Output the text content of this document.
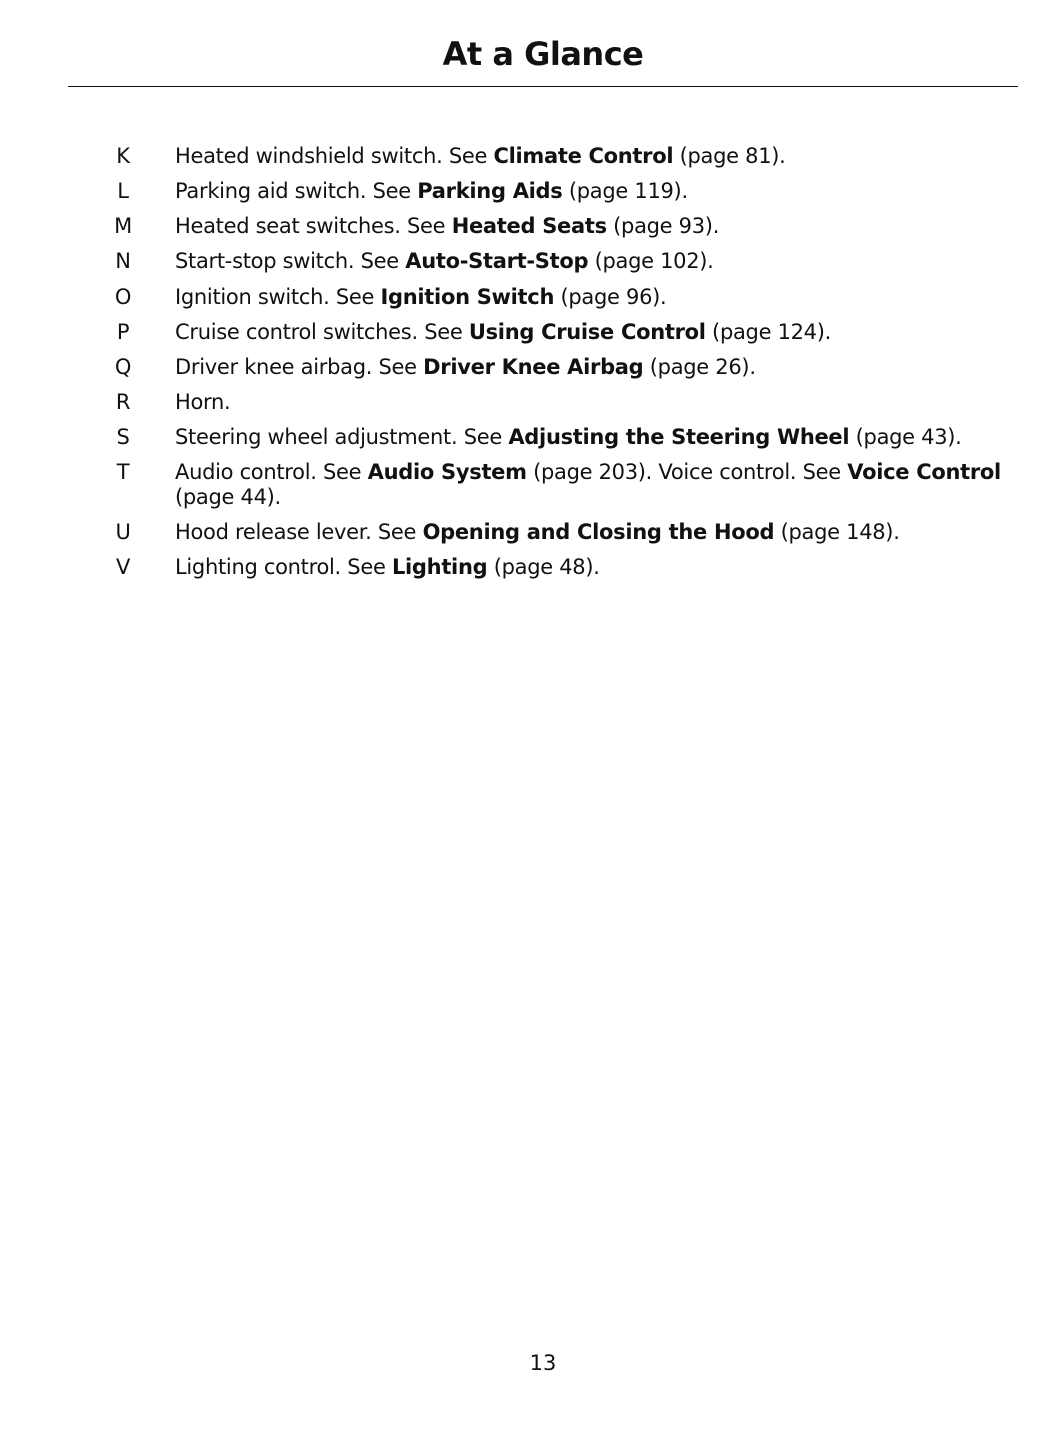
At a Glance
K Heated windshield switch. See Climate Control (page 81).
L Parking aid switch. See Parking Aids (page 119).
M Heated seat switches. See Heated Seats (page 93).
N Start-stop switch. See Auto-Start-Stop (page 102).
O Ignition switch. See Ignition Switch (page 96).
P Cruise control switches. See Using Cruise Control (page 124).
Q Driver knee airbag. See Driver Knee Airbag (page 26).
R Horn.
S Steering wheel adjustment. See Adjusting the Steering Wheel (page 43).
T Audio control. See Audio System (page 203). Voice control. See Voice Control (page 44).
U Hood release lever. See Opening and Closing the Hood (page 148).
V Lighting control. See Lighting (page 48).
13
